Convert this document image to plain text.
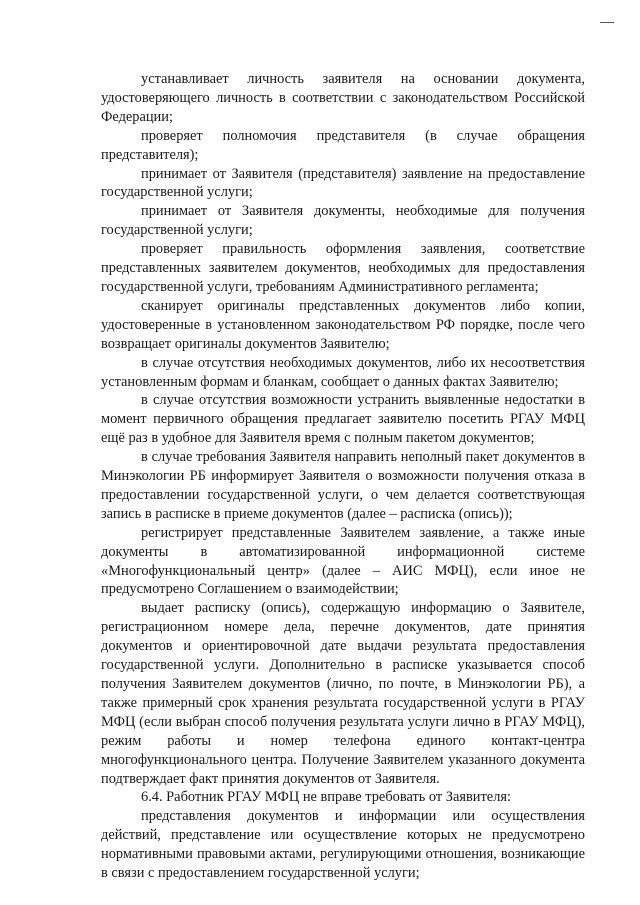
устанавливает личность заявителя на основании документа, удостоверяющего личность в соответствии с законодательством Российской Федерации;

проверяет полномочия представителя (в случае обращения представителя);

принимает от Заявителя (представителя) заявление на предоставление государственной услуги;

принимает от Заявителя документы, необходимые для получения государственной услуги;

проверяет правильность оформления заявления, соответствие представленных заявителем документов, необходимых для предоставления государственной услуги, требованиям Административного регламента;

сканирует оригиналы представленных документов либо копии, удостоверенные в установленном законодательством РФ порядке, после чего возвращает оригиналы документов Заявителю;

в случае отсутствия необходимых документов, либо их несоответствия установленным формам и бланкам, сообщает о данных фактах Заявителю;

в случае отсутствия возможности устранить выявленные недостатки в момент первичного обращения предлагает заявителю посетить РГАУ МФЦ ещё раз в удобное для Заявителя время с полным пакетом документов;

в случае требования Заявителя направить неполный пакет документов в Минэкологии РБ информирует Заявителя о возможности получения отказа в предоставлении государственной услуги, о чем делается соответствующая запись в расписке в приеме документов (далее – расписка (опись));

регистрирует представленные Заявителем заявление, а также иные документы в автоматизированной информационной системе «Многофункциональный центр» (далее – АИС МФЦ), если иное не предусмотрено Соглашением о взаимодействии;

выдает расписку (опись), содержащую информацию о Заявителе, регистрационном номере дела, перечне документов, дате принятия документов и ориентировочной дате выдачи результата предоставления государственной услуги. Дополнительно в расписке указывается способ получения Заявителем документов (лично, по почте, в Минэкологии РБ), а также примерный срок хранения результата государственной услуги в РГАУ МФЦ (если выбран способ получения результата услуги лично в РГАУ МФЦ), режим работы и номер телефона единого контакт-центра многофункционального центра. Получение Заявителем указанного документа подтверждает факт принятия документов от Заявителя.

6.4. Работник РГАУ МФЦ не вправе требовать от Заявителя:

представления документов и информации или осуществления действий, представление или осуществление которых не предусмотрено нормативными правовыми актами, регулирующими отношения, возникающие в связи с предоставлением государственной услуги;
